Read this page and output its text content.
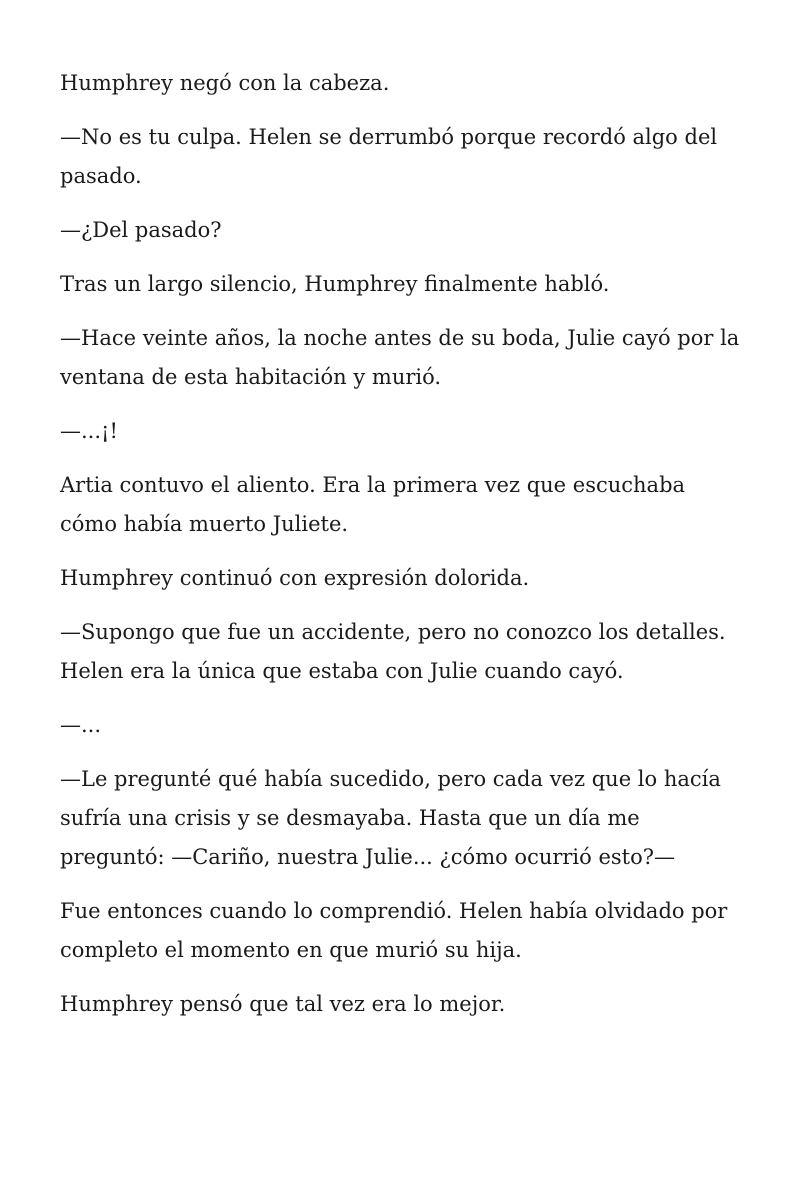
Humphrey negó con la cabeza.

—No es tu culpa. Helen se derrumbó porque recordó algo del pasado.

—¿Del pasado?

Tras un largo silencio, Humphrey finalmente habló.

—Hace veinte años, la noche antes de su boda, Julie cayó por la ventana de esta habitación y murió.

—...¡!

Artia contuvo el aliento. Era la primera vez que escuchaba cómo había muerto Juliete.

Humphrey continuó con expresión dolorida.

—Supongo que fue un accidente, pero no conozco los detalles. Helen era la única que estaba con Julie cuando cayó.

—...

—Le pregunté qué había sucedido, pero cada vez que lo hacía sufría una crisis y se desmayaba. Hasta que un día me preguntó: —Cariño, nuestra Julie... ¿cómo ocurrió esto?—

Fue entonces cuando lo comprendió. Helen había olvidado por completo el momento en que murió su hija.

Humphrey pensó que tal vez era lo mejor.
